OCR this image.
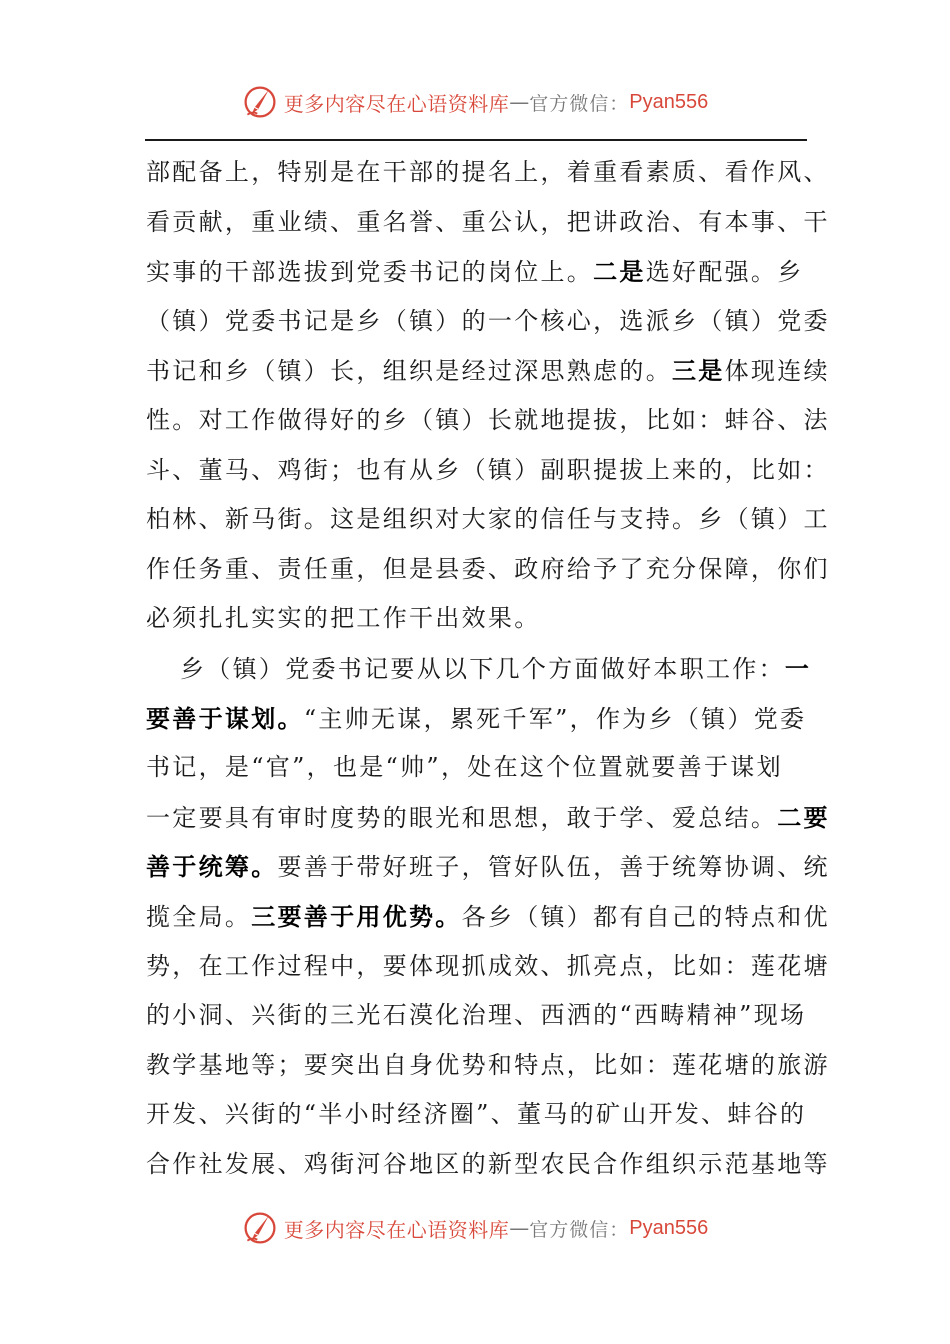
更多内容尽在心语资料库 — 官方微信： Pyan556
部配备上，特别是在干部的提名上，着重看素质、看作风、
看贡献，重业绩、重名誉、重公认，把讲政治、有本事、干
实事的干部选拔到党委书记的岗位上。二是选好配强。乡
（镇）党委书记是乡（镇）的一个核心，选派乡（镇）党委
书记和乡（镇）长，组织是经过深思熟虑的。三是体现连续
性。对工作做得好的乡（镇）长就地提拔，比如：蚌谷、法
斗、董马、鸡街；也有从乡（镇）副职提拔上来的，比如：
柏林、新马街。这是组织对大家的信任与支持。乡（镇）工
作任务重、责任重，但是县委、政府给予了充分保障，你们
必须扎扎实实的把工作干出效果。
乡（镇）党委书记要从以下几个方面做好本职工作：一
要善于谋划。“主帅无谋，累死千军”，作为乡（镇）党委
书记，是“官”，也是“帅”，处在这个位置就要善于谋划
一定要具有审时度势的眼光和思想，敢于学、爱总结。二要
善于统筹。要善于带好班子，管好队伍，善于统筹协调、统
揽全局。三要善于用优势。各乡（镇）都有自己的特点和优
势，在工作过程中，要体现抓成效、抓亮点，比如：莲花塘
的小洞、兴街的三光石漠化治理、西洒的“西畴精神”现场
教学基地等；要突出自身优势和特点，比如：莲花塘的旅游
开发、兴街的“半小时经济圈”、董马的矿山开发、蚌谷的
合作社发展、鸡街河谷地区的新型农民合作组织示范基地等
更多内容尽在心语资料库 — 官方微信： Pyan556
